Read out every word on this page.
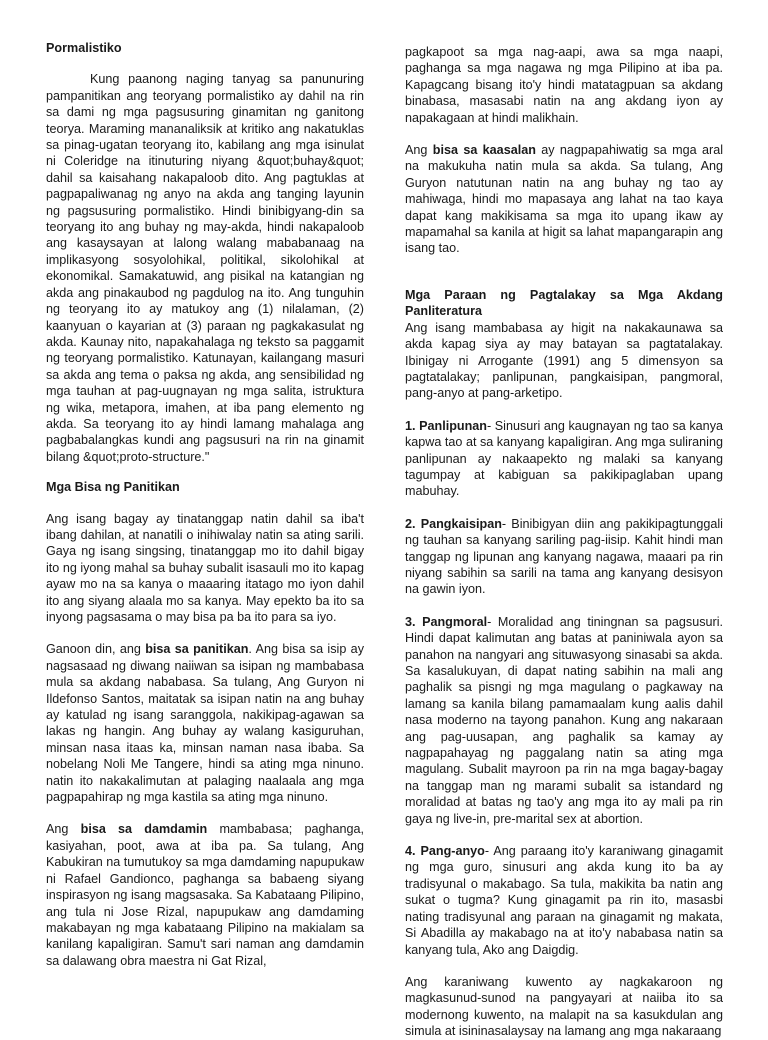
Pormalistiko

Kung paanong naging tanyag sa panunuring pampanitikan ang teoryang pormalistiko ay dahil na rin sa dami ng mga pagsusuring ginamitan ng ganitong teorya. Maraming mananaliksik at kritiko ang nakatuklas sa pinag-ugatan teoryang ito, kabilang ang mga isinulat ni Coleridge na itinuturing niyang &quot;buhay&quot; dahil sa kaisahang nakapaloob dito. Ang pagtuklas at pagpapaliwanag ng anyo na akda ang tanging layunin ng pagsusuring pormalistiko. Hindi binibigyang-din sa teoryang ito ang buhay ng may-akda, hindi nakapaloob ang kasaysayan at lalong walang mababanaag na implikasyong sosyolohikal, politikal, sikolohikal at ekonomikal. Samakatuwid, ang pisikal na katangian ng akda ang pinakaubod ng pagdulog na ito. Ang tunguhin ng teoryang ito ay matukoy ang (1) nilalaman, (2) kaanyuan o kayarian at (3) paraan ng pagkakasulat ng akda. Kaunay nito, napakahalaga ng teksto sa paggamit ng teoryang pormalistiko. Katunayan, kailangang masuri sa akda ang tema o paksa ng akda, ang sensibilidad ng mga tauhan at pag-uugnayan ng mga salita, istruktura ng wika, metapora, imahen, at iba pang elemento ng akda. Sa teoryang ito ay hindi lamang mahalaga ang pagbabalangkas kundi ang pagsusuri na rin na ginamit bilang &quot;proto-structure."

Mga Bisa ng Panitikan

Ang isang bagay ay tinatanggap natin dahil sa iba't ibang dahilan, at nanatili o inihiwalay natin sa ating sarili. Gaya ng isang singsing, tinatanggap mo ito dahil bigay ito ng iyong mahal sa buhay subalit isasauli mo ito kapag ayaw mo na sa kanya o maaaring itatago mo iyon dahil ito ang siyang alaala mo sa kanya. May epekto ba ito sa inyong pagsasama o may bisa pa ba ito para sa iyo.

Ganoon din, ang bisa sa panitikan. Ang bisa sa isip ay nagsasaad ng diwang naiiwan sa isipan ng mambabasa mula sa akdang nababasa. Sa tulang, Ang Guryon ni Ildefonso Santos, maitatak sa isipan natin na ang buhay ay katulad ng isang saranggola, nakikipag-agawan sa lakas ng hangin. Ang buhay ay walang kasiguruhan, minsan nasa itaas ka, minsan naman nasa ibaba. Sa nobelang Noli Me Tangere, hindi sa ating mga ninuno. natin ito nakakalimutan at palaging naalaala ang mga pagpapahirap ng mga kastila sa ating mga ninuno.

Ang bisa sa damdamin mambabasa; paghanga, kasiyahan, poot, awa at iba pa. Sa tulang, Ang Kabukiran na tumutukoy sa mga damdaming napupukaw ni Rafael Gandionco, paghanga sa babaeng siyang inspirasyon ng isang magsasaka. Sa Kabataang Pilipino, ang tula ni Jose Rizal, napupukaw ang damdaming makabayan ng mga kabataang Pilipino na makialam sa kanilang kapaligiran. Samu't sari naman ang damdamin sa dalawang obra maestra ni Gat Rizal,

pagkapoot sa mga nag-aapi, awa sa mga naapi, paghanga sa mga nagawa ng mga Pilipino at iba pa. Kapagcang bisang ito'y hindi matatagpuan sa akdang binabasa, masasabi natin na ang akdang iyon ay napakagaan at hindi malikhain.

Ang bisa sa kaasalan ay nagpapahiwatig sa mga aral na makukuha natin mula sa akda. Sa tulang, Ang Guryon natutunan natin na ang buhay ng tao ay mahiwaga, hindi mo mapasaya ang lahat na tao kaya dapat kang makikisama sa mga ito upang ikaw ay mapamahal sa kanila at higit sa lahat mapangarapin ang isang tao.

Mga Paraan ng Pagtalakay sa Mga Akdang Panliteratura

Ang isang mambabasa ay higit na nakakaunawa sa akda kapag siya ay may batayan sa pagtatalakay. Ibinigay ni Arrogante (1991) ang 5 dimensyon sa pagtatalakay; panlipunan, pangkaisipan, pangmoral, pang-anyo at pang-arketipo.

1. Panlipunan- Sinusuri ang kaugnayan ng tao sa kanya kapwa tao at sa kanyang kapaligiran. Ang mga suliraning panlipunan ay nakaapekto ng malaki sa kanyang tagumpay at kabiguan sa pakikipaglaban upang mabuhay.

2. Pangkaisipan- Binibigyan diin ang pakikipagtunggali ng tauhan sa kanyang sariling pag-iisip. Kahit hindi man tanggap ng lipunan ang kanyang nagawa, maaari pa rin niyang sabihin sa sarili na tama ang kanyang desisyon na gawin iyon.

3. Pangmoral- Moralidad ang tiningnan sa pagsusuri. Hindi dapat kalimutan ang batas at paniniwala ayon sa panahon na nangyari ang situwasyong sinasabi sa akda. Sa kasalukuyan, di dapat nating sabihin na mali ang paghalik sa pisngi ng mga magulang o pagkaway na lamang sa kanila bilang pamamaalam kung aalis dahil nasa moderno na tayong panahon. Kung ang nakaraan ang pag-uusapan, ang paghalik sa kamay ay nagpapahayag ng paggalang natin sa ating mga magulang. Subalit mayroon pa rin na mga bagay-bagay na tanggap man ng marami subalit sa istandard ng moralidad at batas ng tao'y ang mga ito ay mali pa rin gaya ng live-in, pre-marital sex at abortion.

4. Pang-anyo- Ang paraang ito'y karaniwang ginagamit ng mga guro, sinusuri ang akda kung ito ba ay tradisyunal o makabago. Sa tula, makikita ba natin ang sukat o tugma? Kung ginagamit pa rin ito, masasbi nating tradisyunal ang paraan na ginagamit ng makata, Si Abadilla ay makabago na at ito'y nababasa natin sa kanyang tula, Ako ang Daigdig.

Ang karaniwang kuwento ay nagkakaroon ng magkasunud-sunod na pangyayari at naiiba ito sa modernong kuwento, na malapit na sa kasukdulan ang simula at isininasalaysay na lamang ang mga nakaraang
